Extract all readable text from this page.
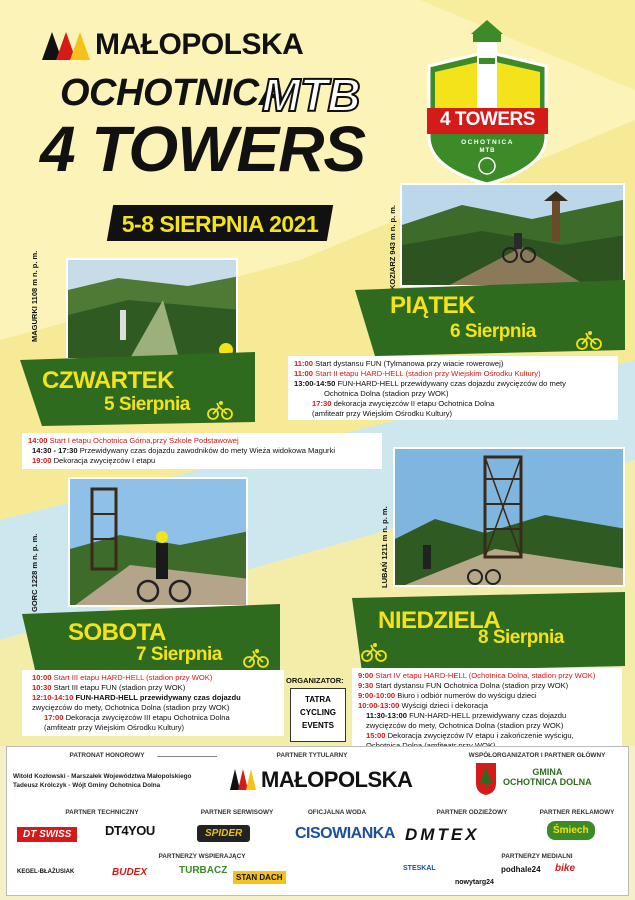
MAŁOPOLSKA
OCHOTNICA
MTB
4 TOWERS
5-8 SIERPNIA 2021
4 TOWERS
OCHOTNICA
MTB
KOZIARZ 943 m n. p. m.
PIĄTEK
6 Sierpnia
11:00 Start dystansu FUN (Tylmanowa przy wiacie rowerowej)
11:00 Start II etapu HARD-HELL (stadion przy Wiejskim Ośrodku Kultury)
13:00-14:50 FUN-HARD-HELL przewidywany czas dojazdu zwycięzców do mety
Ochotnica Dolna (stadion przy WOK)
17:30 dekoracja zwycięzców II etapu Ochotnica Dolna
(amfiteatr przy Wiejskim Ośrodku Kultury)
MAGURKI 1108 m n. p. m.
CZWARTEK
5 Sierpnia
14:00 Start I etapu Ochotnica Górna,przy Szkole Podstawowej
14:30 - 17:30 Przewidywany czas dojazdu zawodników do mety Wieża widokowa Magurki
19:00 Dekoracja zwycięzców I etapu
LUBAŃ 1211 m n. p. m.
NIEDZIELA
8 Sierpnia
9:00 Start IV etapu HARD-HELL (Ochotnica Dolna, stadion przy WOK)
9:30 Start dystansu FUN Ochotnica Dolna (stadion przy WOK)
9:00-10:00 Biuro i odbiór numerów do wyścigu dzieci
10:00-13:00 Wyścigi dzieci i dekoracja
11:30-13:00 FUN-HARD-HELL przewidywany czas dojazdu
zwycięzców do mety, Ochotnica Dolna (stadion przy WOK)
15:00 Dekoracja zwycięzców IV etapu i zakończenie wyścigu,
GORC 1228 m n. p. m.
SOBOTA
7 Sierpnia
10:00 Start III etapu HARD-HELL (stadion przy WOK)
10:30 Start III etapu FUN (stadion przy WOK)
12:10-14:10 FUN-HARD-HELL przewidywany czas dojazdu
zwycięzców do mety, Ochotnica Dolna (stadion przy WOK)
17:00 Dekoracja zwycięzców III etapu Ochotnica Dolna
(amfiteatr przy Wiejskim Ośrodku Kultury)
ORGANIZATOR:
TATRA
CYCLING
EVENTS
PATRONAT HONOROWY
Witold Kozłowski - Marszałek Województwa Małopolskiego
Tadeusz Królczyk - Wójt Gminy Ochotnica Dolna
PARTNER TYTULARNY
MAŁOPOLSKA
WSPÓŁORGANIZATOR I PARTNER GŁÓWNY
GMINA
OCHOTNICA DOLNA
PARTNER TECHNICZNY
DT SWISS	DT4YOU
PARTNER SERWISOWY
SPIDER
OFICJALNA WODA
CISOWIANKA
PARTNER ODZIEŻOWY
DMTEX
PARTNER REKLAMOWY
Śmiech
PARTNERZY WSPIERAJĄCY
KEGEL-BŁAŻUSIAK	BUDEX	TURBACZ
STAN DACH
PARTNERZY MEDIALNI
STESKAL	podhale24 bike
nowytarg24
